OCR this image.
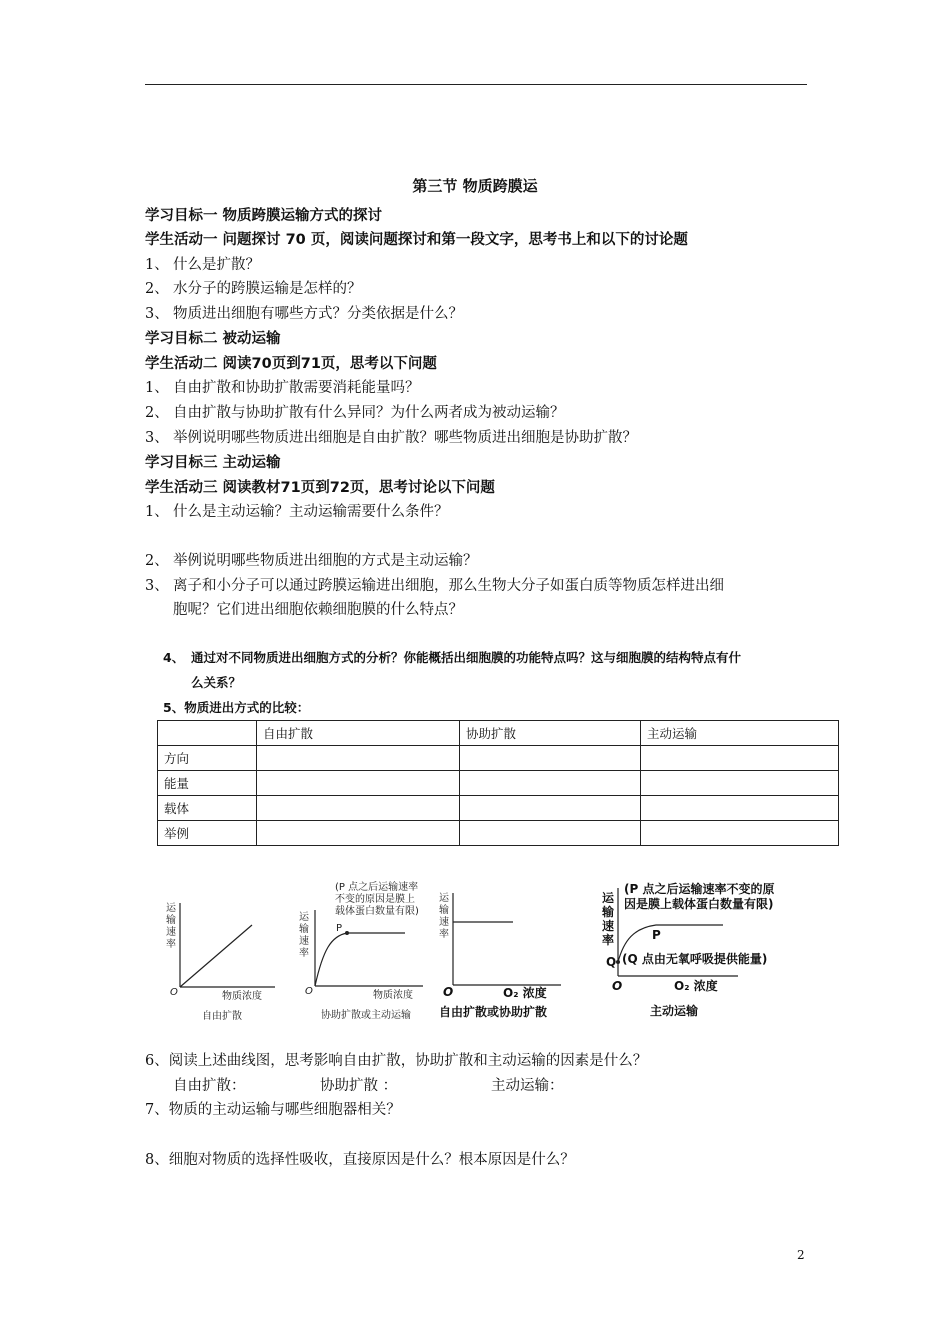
第三节 物质跨膜运
学习目标一 物质跨膜运输方式的探讨
学生活动一 问题探讨 70 页，阅读问题探讨和第一段文字，思考书上和以下的讨论题
1、 什么是扩散？
2、 水分子的跨膜运输是怎样的？
3、 物质进出细胞有哪些方式？分类依据是什么？
学习目标二 被动运输
学生活动二 阅读70页到71页，思考以下问题
1、 自由扩散和协助扩散需要消耗能量吗？
2、 自由扩散与协助扩散有什么异同？为什么两者成为被动运输？
3、 举例说明哪些物质进出细胞是自由扩散？哪些物质进出细胞是协助扩散？
学习目标三 主动运输
学生活动三 阅读教材71页到72页，思考讨论以下问题
1、 什么是主动运输？主动运输需要什么条件？
2、 举例说明哪些物质进出细胞的方式是主动运输？
3、 离子和小分子可以通过跨膜运输进出细胞，那么生物大分子如蛋白质等物质怎样进出细
胞呢？它们进出细胞依赖细胞膜的什么特点？
4、 通过对不同物质进出细胞方式的分析？你能概括出细胞膜的功能特点吗？这与细胞膜的结构特点有什
么关系？
5、物质进出方式的比较：
	自由扩散	协助扩散	主动运输
方向			
能量			
载体			
举例			
运
输
速
率
O	物质浓度
自由扩散
(P 点之后运输速率
不变的原因是膜上
载体蛋白数量有限)
运
输
速
率
P
O	物质浓度
协助扩散或主动运输
运
输
速
率
O	O₂ 浓度
自由扩散或协助扩散
(P 点之后运输速率不变的原
因是膜上载体蛋白数量有限)
运
输
速
率
Q
P
(Q 点由无氧呼吸提供能量)
O	O₂ 浓度
主动运输
6、阅读上述曲线图，思考影响自由扩散，协助扩散和主动运输的因素是什么？
自由扩散：	协助扩散 ：	主动运输：
7、物质的主动运输与哪些细胞器相关？
8、细胞对物质的选择性吸收，直接原因是什么？根本原因是什么？
2
